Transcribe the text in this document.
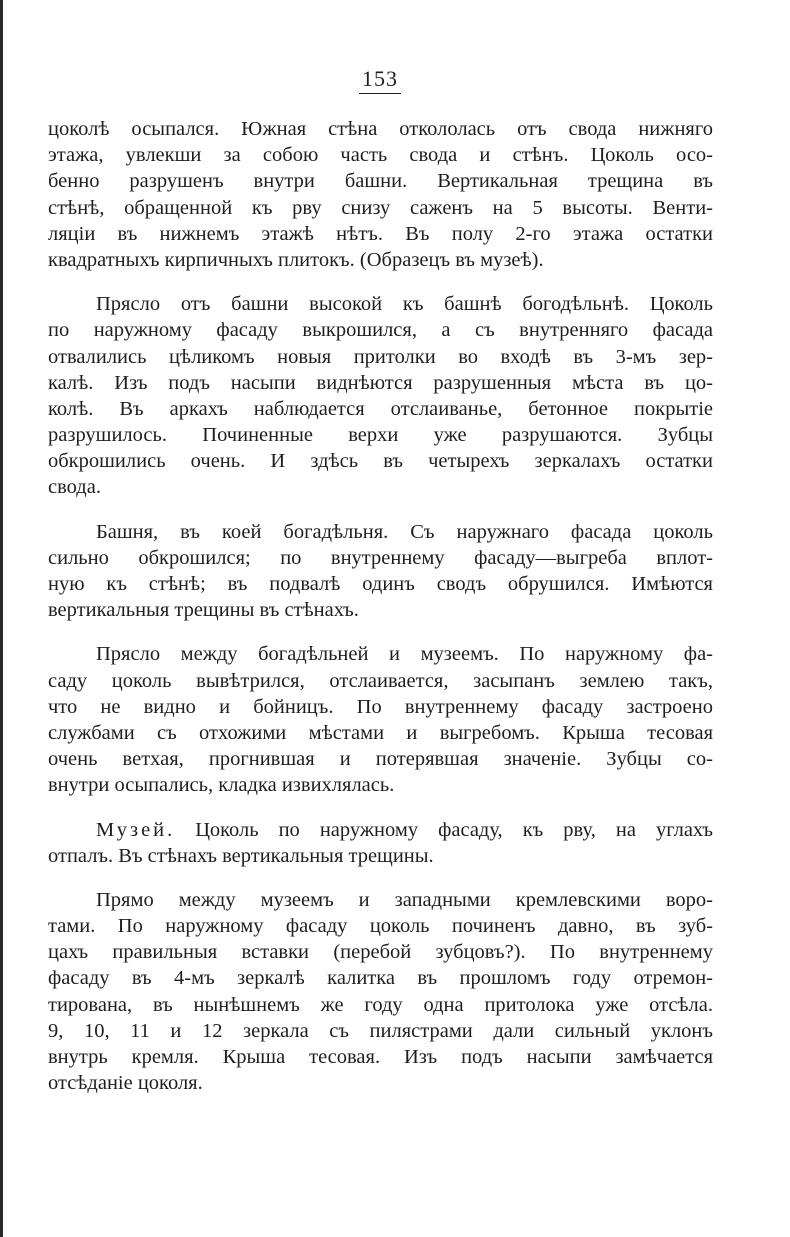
153

цоколѣ осыпался. Южная стѣна откололась отъ свода нижняго
этажа, увлекши за собою часть свода и стѣнъ. Цоколь осо-
бенно разрушенъ внутри башни. Вертикальная трещина въ
стѣнѣ, обращенной къ рву снизу саженъ на 5 высоты. Венти-
ляціи въ нижнемъ этажѣ нѣтъ. Въ полу 2-го этажа остатки
квадратныхъ кирпичныхъ плитокъ. (Образецъ въ музеѣ).

Прясло отъ башни высокой къ башнѣ богодѣльнѣ. Цоколь
по наружному фасаду выкрошился, а съ внутренняго фасада
отвалились цѣликомъ новыя притолки во входѣ въ 3-мъ зер-
калѣ. Изъ подъ насыпи виднѣются разрушенныя мѣста въ цо-
колѣ. Въ аркахъ наблюдается отслаиванье, бетонное покрытіе
разрушилось. Починенные верхи уже разрушаются. Зубцы
обкрошились очень. И здѣсь въ четырехъ зеркалахъ остатки
свода.

Башня, въ коей богадѣльня. Съ наружнаго фасада цоколь
сильно обкрошился; по внутреннему фасаду—выгреба вплот-
ную къ стѣнѣ; въ подвалѣ одинъ сводъ обрушился. Имѣются
вертикальныя трещины въ стѣнахъ.

Прясло между богадѣльней и музеемъ. По наружному фа-
саду цоколь вывѣтрился, отслаивается, засыпанъ землею такъ,
что не видно и бойницъ. По внутреннему фасаду застроено
службами съ отхожими мѣстами и выгребомъ. Крыша тесовая
очень ветхая, прогнившая и потерявшая значеніе. Зубцы со-
внутри осыпались, кладка извихлялась.

Музей. Цоколь по наружному фасаду, къ рву, на углахъ
отпалъ. Въ стѣнахъ вертикальныя трещины.

Прямо между музеемъ и западными кремлевскими воро-
тами. По наружному фасаду цоколь починенъ давно, въ зуб-
цахъ правильныя вставки (перебой зубцовъ?). По внутреннему
фасаду въ 4-мъ зеркалѣ калитка въ прошломъ году отремон-
тирована, въ нынѣшнемъ же году одна притолока уже отсѣла.
9, 10, 11 и 12 зеркала съ пилястрами дали сильный уклонъ
внутрь кремля. Крыша тесовая. Изъ подъ насыпи замѣчается
отсѣданіе цоколя.
